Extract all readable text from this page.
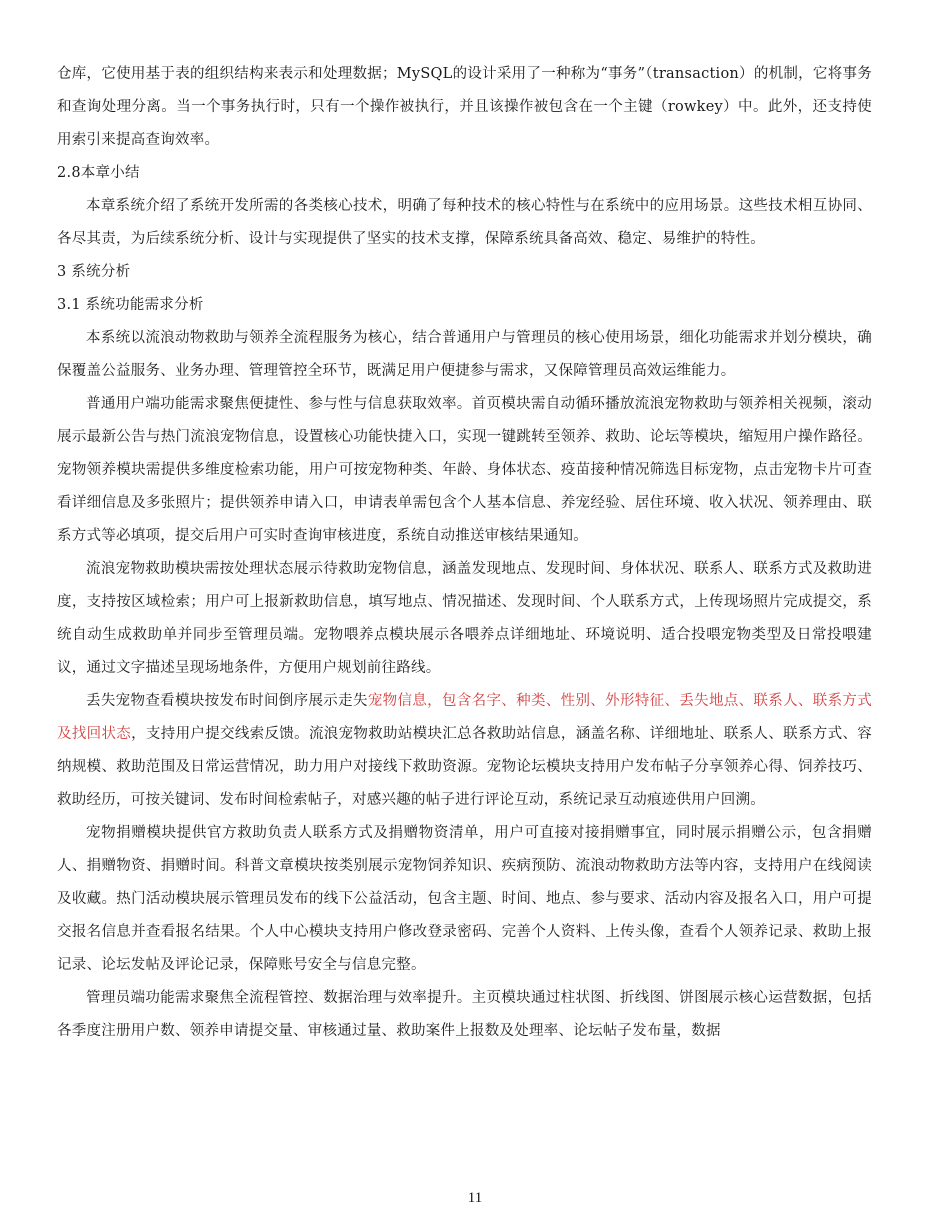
仓库，它使用基于表的组织结构来表示和处理数据；MySQL的设计采用了一种称为“事务”（transaction）的机制，它将事务和查询处理分离。当一个事务执行时，只有一个操作被执行，并且该操作被包含在一个主键（rowkey）中。此外，还支持使用索引来提高查询效率。

2.8本章小结

本章系统介绍了系统开发所需的各类核心技术，明确了每种技术的核心特性与在系统中的应用场景。这些技术相互协同、各尽其责，为后续系统分析、设计与实现提供了坚实的技术支撑，保障系统具备高效、稳定、易维护的特性。

3 系统分析

3.1 系统功能需求分析

本系统以流浪动物救助与领养全流程服务为核心，结合普通用户与管理员的核心使用场景，细化功能需求并划分模块，确保覆盖公益服务、业务办理、管理管控全环节，既满足用户便捷参与需求，又保障管理员高效运维能力。

普通用户端功能需求聚焦便捷性、参与性与信息获取效率。首页模块需自动循环播放流浪宠物救助与领养相关视频，滚动展示最新公告与热门流浪宠物信息，设置核心功能快捷入口，实现一键跳转至领养、救助、论坛等模块，缩短用户操作路径。宠物领养模块需提供多维度检索功能，用户可按宠物种类、年龄、身体状态、疫苗接种情况筛选目标宠物，点击宠物卡片可查看详细信息及多张照片；提供领养申请入口，申请表单需包含个人基本信息、养宠经验、居住环境、收入状况、领养理由、联系方式等必填项，提交后用户可实时查询审核进度，系统自动推送审核结果通知。

流浪宠物救助模块需按处理状态展示待救助宠物信息，涵盖发现地点、发现时间、身体状况、联系人、联系方式及救助进度，支持按区域检索；用户可上报新救助信息，填写地点、情况描述、发现时间、个人联系方式，上传现场照片完成提交，系统自动生成救助单并同步至管理员端。宠物喂养点模块展示各喂养点详细地址、环境说明、适合投喂宠物类型及日常投喂建议，通过文字描述呈现场地条件，方便用户规划前往路线。

丢失宠物查看模块按发布时间倒序展示走失宠物信息，包含名字、种类、性别、外形特征、丢失地点、联系人、联系方式及找回状态，支持用户提交线索反馈。流浪宠物救助站模块汇总各救助站信息，涵盖名称、详细地址、联系人、联系方式、容纳规模、救助范围及日常运营情况，助力用户对接线下救助资源。宠物论坛模块支持用户发布帖子分享领养心得、饲养技巧、救助经历，可按关键词、发布时间检索帖子，对感兴趣的帖子进行评论互动，系统记录互动痕迹供用户回溯。

宠物捐赠模块提供官方救助负责人联系方式及捐赠物资清单，用户可直接对接捐赠事宜，同时展示捐赠公示，包含捐赠人、捐赠物资、捐赠时间。科普文章模块按类别展示宠物饲养知识、疾病预防、流浪动物救助方法等内容，支持用户在线阅读及收藏。热门活动模块展示管理员发布的线下公益活动，包含主题、时间、地点、参与要求、活动内容及报名入口，用户可提交报名信息并查看报名结果。个人中心模块支持用户修改登录密码、完善个人资料、上传头像，查看个人领养记录、救助上报记录、论坛发帖及评论记录，保障账号安全与信息完整。

管理员端功能需求聚焦全流程管控、数据治理与效率提升。主页模块通过柱状图、折线图、饼图展示核心运营数据，包括各季度注册用户数、领养申请提交量、审核通过量、救助案件上报数及处理率、论坛帖子发布量，数据

11
